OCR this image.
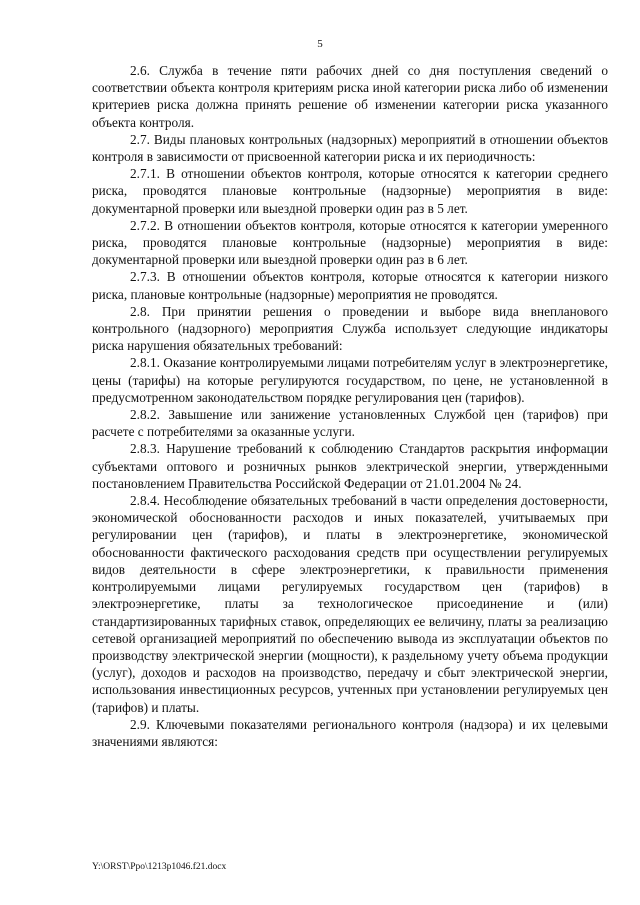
5

2.6. Служба в течение пяти рабочих дней со дня поступления сведений о соответствии объекта контроля критериям риска иной категории риска либо об изменении критериев риска должна принять решение об изменении категории риска указанного объекта контроля.

2.7. Виды плановых контрольных (надзорных) мероприятий в отношении объектов контроля в зависимости от присвоенной категории риска и их периодичность:

2.7.1. В отношении объектов контроля, которые относятся к категории среднего риска, проводятся плановые контрольные (надзорные) мероприятия в виде: документарной проверки или выездной проверки один раз в 5 лет.

2.7.2. В отношении объектов контроля, которые относятся к категории умеренного риска, проводятся плановые контрольные (надзорные) мероприятия в виде: документарной проверки или выездной проверки один раз в 6 лет.

2.7.3. В отношении объектов контроля, которые относятся к категории низкого риска, плановые контрольные (надзорные) мероприятия не проводятся.

2.8. При принятии решения о проведении и выборе вида внепланового контрольного (надзорного) мероприятия Служба использует следующие индикаторы риска нарушения обязательных требований:

2.8.1. Оказание контролируемыми лицами потребителям услуг в электроэнергетике, цены (тарифы) на которые регулируются государством, по цене, не установленной в предусмотренном законодательством порядке регулирования цен (тарифов).

2.8.2. Завышение или занижение установленных Службой цен (тарифов) при расчете с потребителями за оказанные услуги.

2.8.3. Нарушение требований к соблюдению Стандартов раскрытия информации субъектами оптового и розничных рынков электрической энергии, утвержденными постановлением Правительства Российской Федерации от 21.01.2004 № 24.

2.8.4. Несоблюдение обязательных требований в части определения достоверности, экономической обоснованности расходов и иных показателей, учитываемых при регулировании цен (тарифов), и платы в электроэнергетике, экономической обоснованности фактического расходования средств при осуществлении регулируемых видов деятельности в сфере электроэнергетики, к правильности применения контролируемыми лицами регулируемых государством цен (тарифов) в электроэнергетике, платы за технологическое присоединение и (или) стандартизированных тарифных ставок, определяющих ее величину, платы за реализацию сетевой организацией мероприятий по обеспечению вывода из эксплуатации объектов по производству электрической энергии (мощности), к раздельному учету объема продукции (услуг), доходов и расходов на производство, передачу и сбыт электрической энергии, использования инвестиционных ресурсов, учтенных при установлении регулируемых цен (тарифов) и платы.

2.9. Ключевыми показателями регионального контроля (надзора) и их целевыми значениями являются:

Y:\ORST\Ppo\1213p1046.f21.docx
